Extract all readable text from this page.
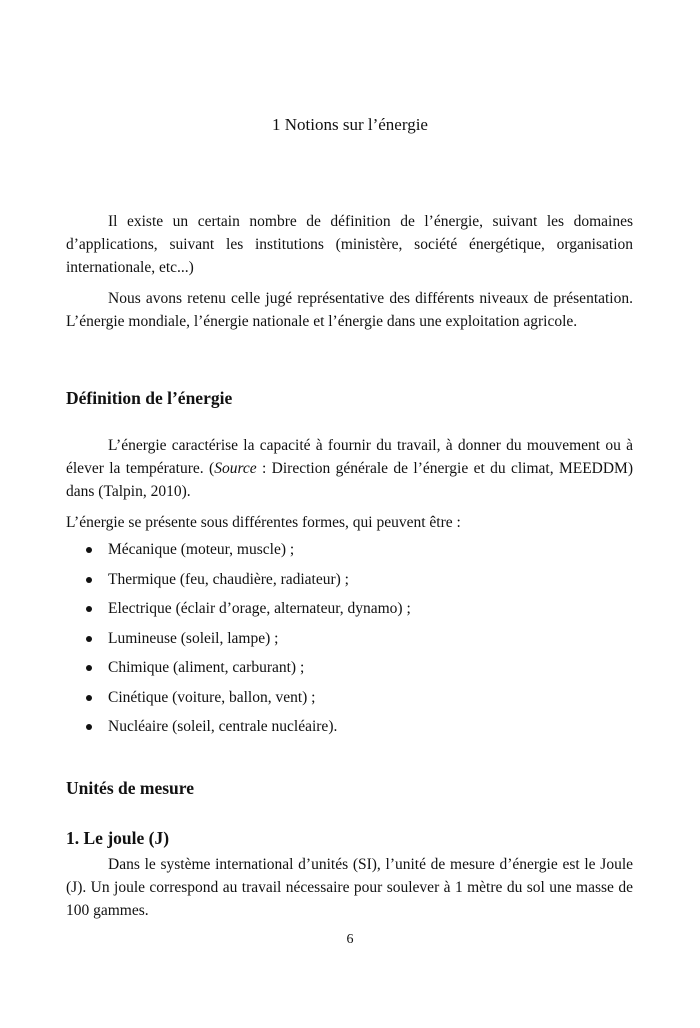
1 Notions sur l’énergie

Il existe un certain nombre de définition de l’énergie, suivant les domaines d’applications, suivant les institutions (ministère, société énergétique, organisation internationale, etc...)

Nous avons retenu celle jugé représentative des différents niveaux de présentation. L’énergie mondiale, l’énergie nationale et l’énergie dans une exploitation agricole.

Définition de l’énergie

L’énergie caractérise la capacité à fournir du travail, à donner du mouvement ou à élever la température. (Source : Direction générale de l’énergie et du climat, MEEDDM) dans (Talpin, 2010).

L’énergie se présente sous différentes formes, qui peuvent être :

Mécanique (moteur, muscle) ;
Thermique (feu, chaudière, radiateur) ;
Electrique (éclair d’orage, alternateur, dynamo) ;
Lumineuse (soleil, lampe) ;
Chimique (aliment, carburant) ;
Cinétique (voiture, ballon, vent) ;
Nucléaire (soleil, centrale nucléaire).
Unités de mesure
1. Le joule (J)

Dans le système international d’unités (SI), l’unité de mesure d’énergie est le Joule (J). Un joule correspond au travail nécessaire pour soulever à 1 mètre du sol une masse de 100 gammes.

6
